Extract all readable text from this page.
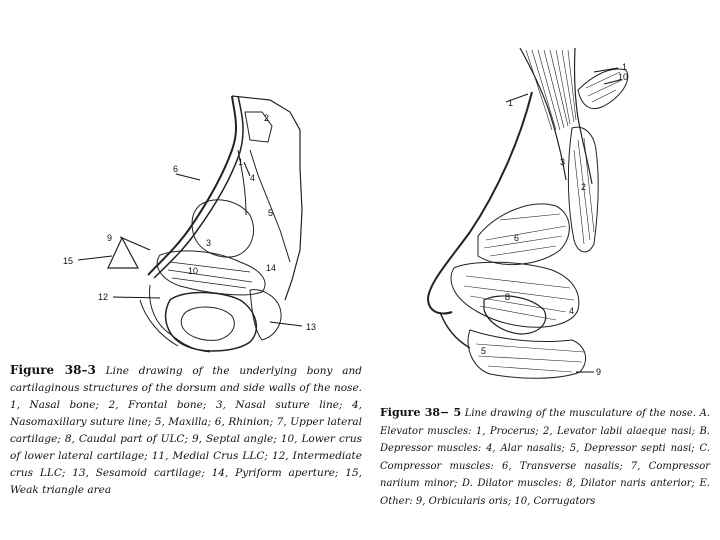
2
1
4
6
5
3
9
15
10	14
12
13
1
10
1
3
2
6
8
4
5
9

Figure 38–3 Line drawing of the underlying bony and cartilaginous structures of the dorsum and side walls of the nose. 1, Nasal bone; 2, Frontal bone; 3, Nasal suture line; 4, Nasomaxillary suture line; 5, Maxilla; 6, Rhinion; 7, Upper lateral cartilage; 8, Caudal part of ULC; 9, Septal angle; 10, Lower crus of lower lateral cartilage; 11, Medial Crus LLC; 12, Intermediate crus LLC; 13, Sesamoid cartilage; 14, Pyriform aperture; 15, Weak triangle area

Figure 38− 5 Line drawing of the musculature of the nose. A. Elevator muscles: 1, Procerus; 2, Levator labii alaeque nasi; B. Depressor muscles: 4, Alar nasalis; 5, Depressor septi nasi; C. Compressor muscles: 6, Transverse nasalis; 7, Compressor nariium minor; D. Dilator muscles: 8, Dilator naris anterior; E. Other: 9, Orbicularis oris; 10, Corrugators
